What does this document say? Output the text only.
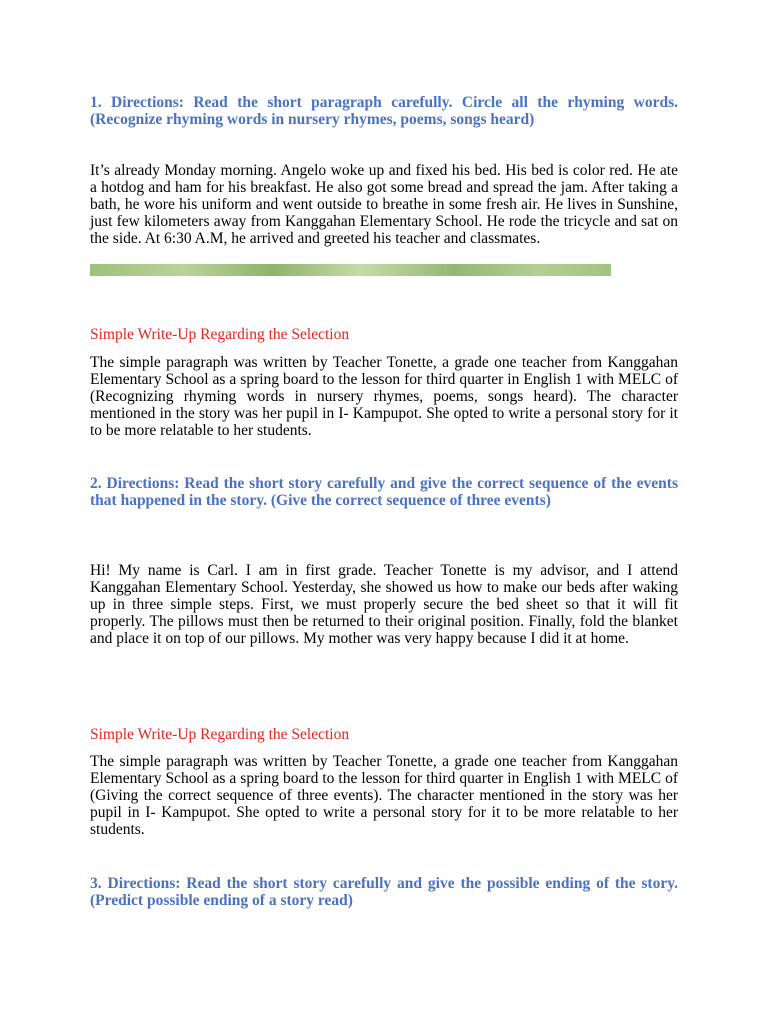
1. Directions: Read the short paragraph carefully. Circle all the rhyming words. (Recognize rhyming words in nursery rhymes, poems, songs heard)
It’s already Monday morning. Angelo woke up and fixed his bed. His bed is color red. He ate a hotdog and ham for his breakfast. He also got some bread and spread the jam. After taking a bath, he wore his uniform and went outside to breathe in some fresh air. He lives in Sunshine, just few kilometers away from Kanggahan Elementary School. He rode the tricycle and sat on the side. At 6:30 A.M, he arrived and greeted his teacher and classmates.
Simple Write-Up Regarding the Selection
The simple paragraph was written by Teacher Tonette, a grade one teacher from Kanggahan Elementary School as a spring board to the lesson for third quarter in English 1 with MELC of (Recognizing rhyming words in nursery rhymes, poems, songs heard). The character mentioned in the story was her pupil in I- Kampupot. She opted to write a personal story for it to be more relatable to her students.
2. Directions: Read the short story carefully and give the correct sequence of the events that happened in the story. (Give the correct sequence of three events)
Hi! My name is Carl. I am in first grade. Teacher Tonette is my advisor, and I attend Kanggahan Elementary School. Yesterday, she showed us how to make our beds after waking up in three simple steps. First, we must properly secure the bed sheet so that it will fit properly. The pillows must then be returned to their original position. Finally, fold the blanket and place it on top of our pillows. My mother was very happy because I did it at home.
Simple Write-Up Regarding the Selection
The simple paragraph was written by Teacher Tonette, a grade one teacher from Kanggahan Elementary School as a spring board to the lesson for third quarter in English 1 with MELC of (Giving the correct sequence of three events). The character mentioned in the story was her pupil in I- Kampupot. She opted to write a personal story for it to be more relatable to her students.
3. Directions: Read the short story carefully and give the possible ending of the story. (Predict possible ending of a story read)
